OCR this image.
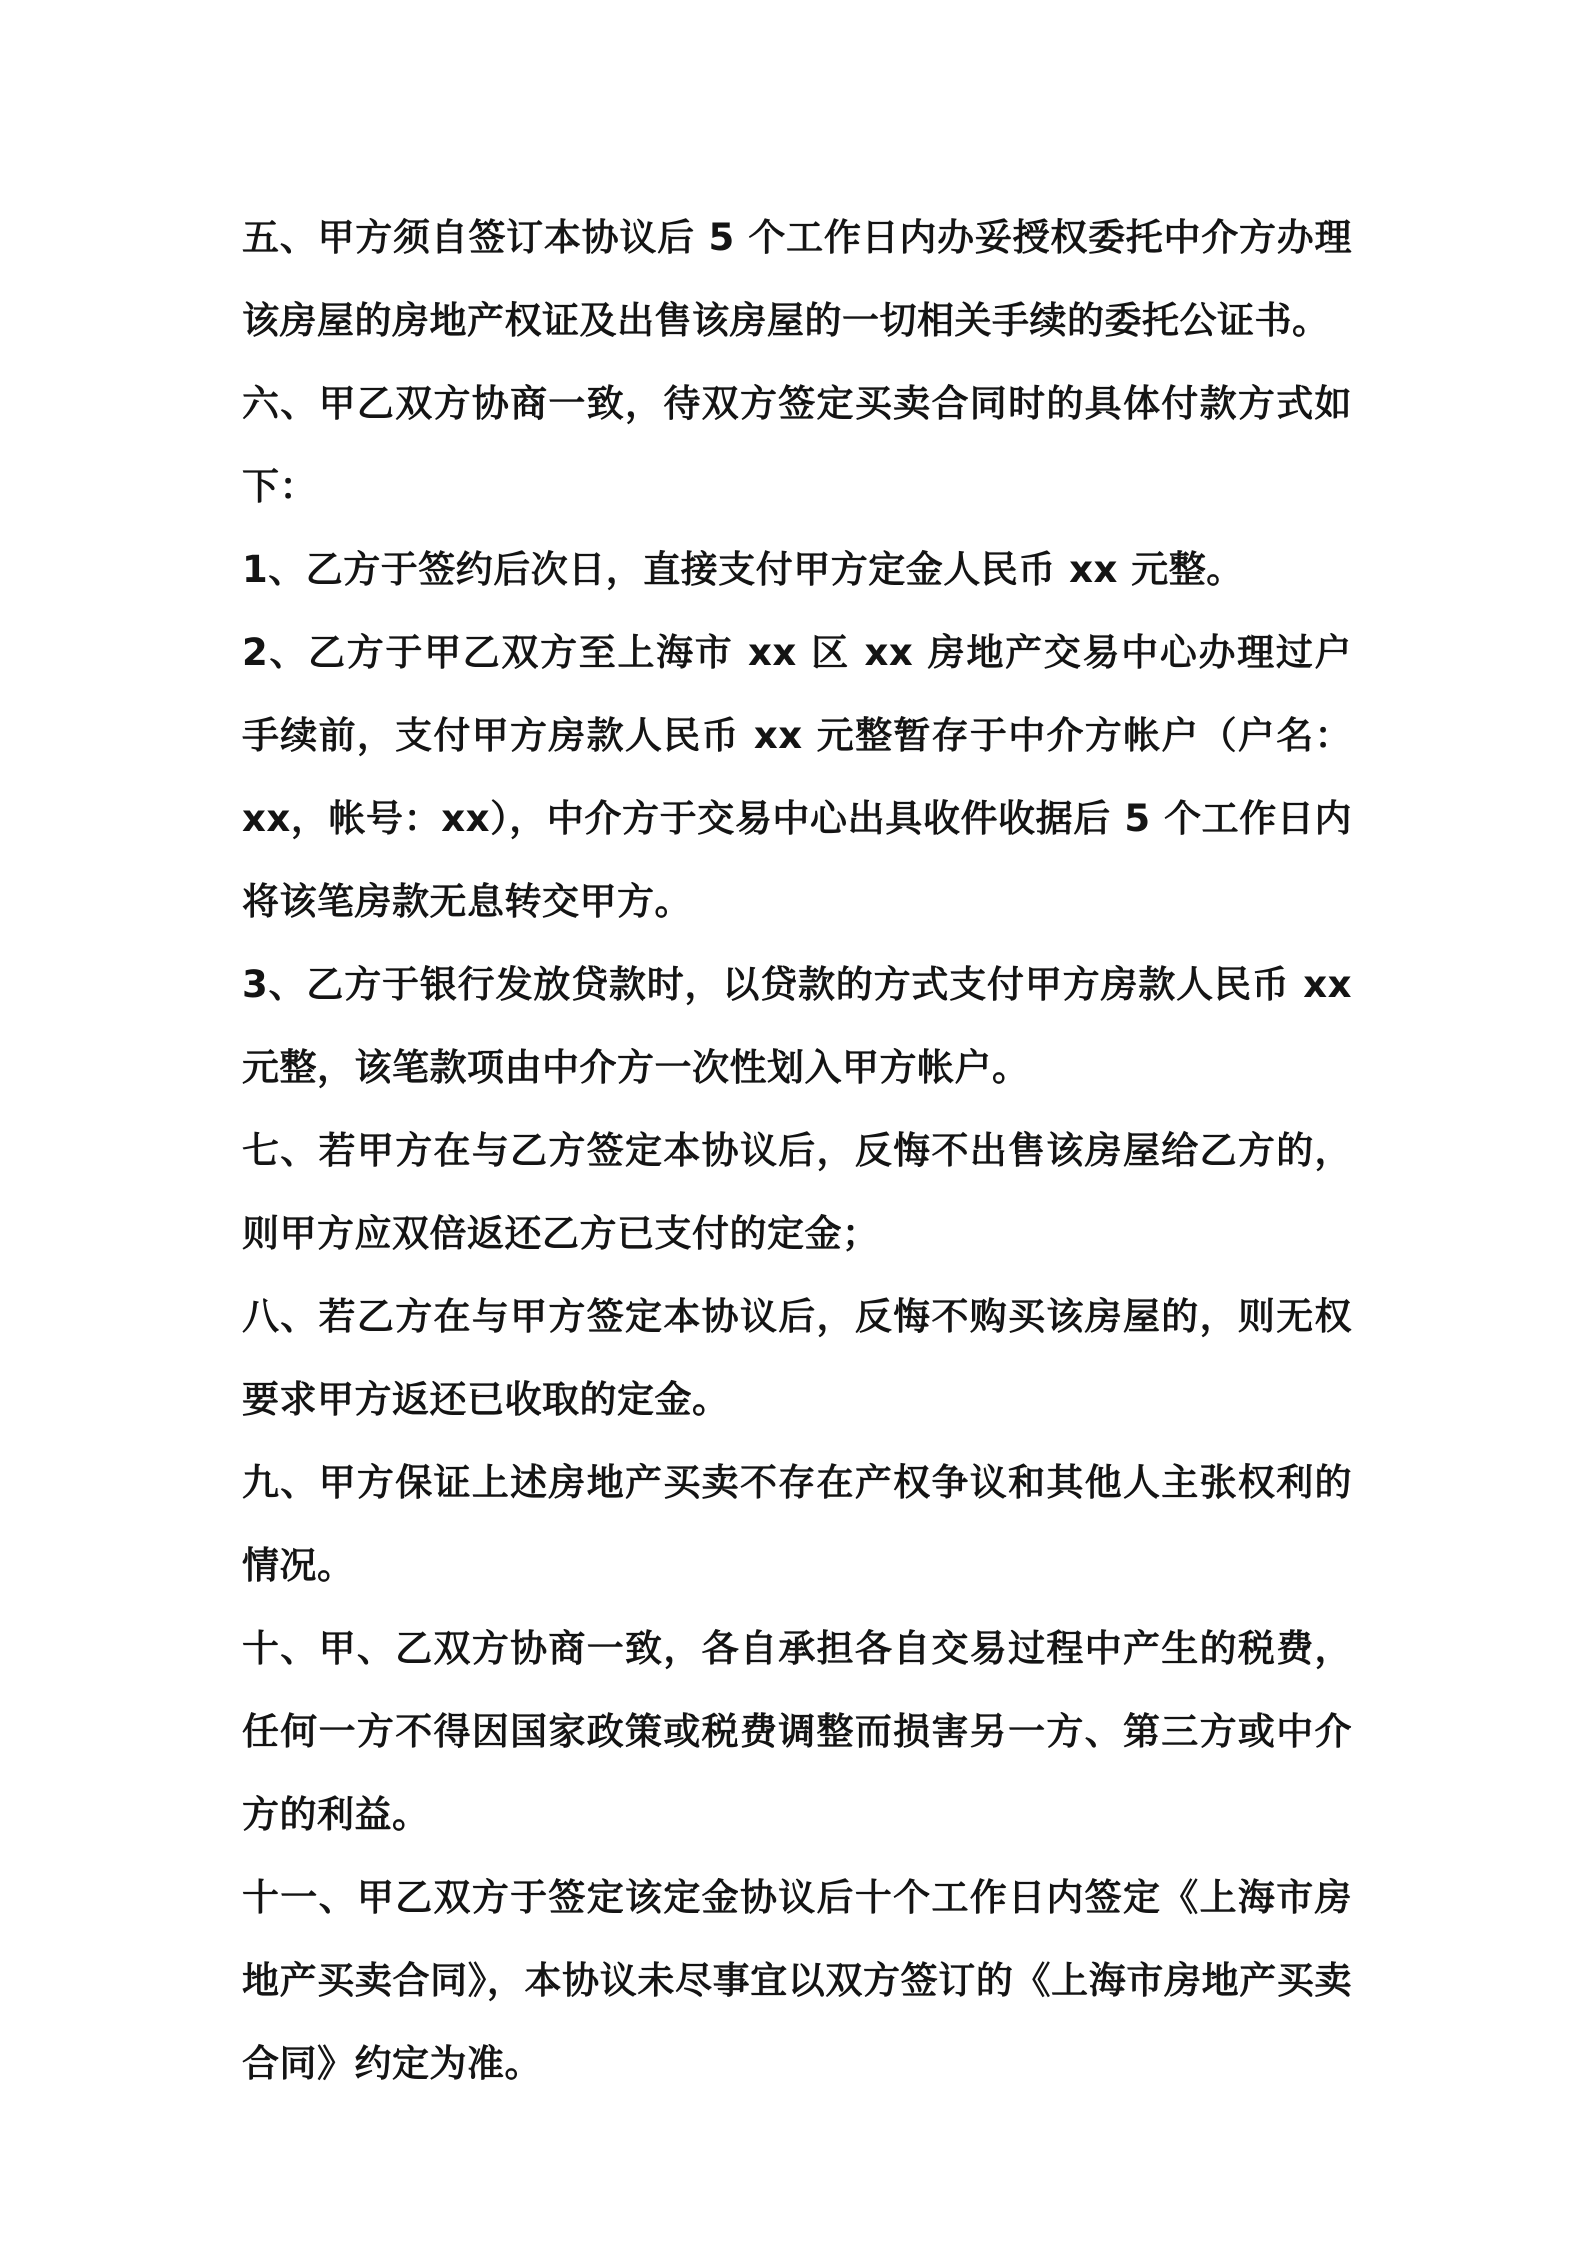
五、甲方须自签订本协议后 5 个工作日内办妥授权委托中介方办理该房屋的房地产权证及出售该房屋的一切相关手续的委托公证书。

六、甲乙双方协商一致，待双方签定买卖合同时的具体付款方式如下：

1、乙方于签约后次日，直接支付甲方定金人民币 xx 元整。

2、乙方于甲乙双方至上海市 xx 区 xx 房地产交易中心办理过户手续前，支付甲方房款人民币 xx 元整暂存于中介方帐户（户名：xx，帐号：xx），中介方于交易中心出具收件收据后 5 个工作日内将该笔房款无息转交甲方。

3、乙方于银行发放贷款时，以贷款的方式支付甲方房款人民币 xx 元整，该笔款项由中介方一次性划入甲方帐户。

七、若甲方在与乙方签定本协议后，反悔不出售该房屋给乙方的，则甲方应双倍返还乙方已支付的定金；

八、若乙方在与甲方签定本协议后，反悔不购买该房屋的，则无权要求甲方返还已收取的定金。

九、甲方保证上述房地产买卖不存在产权争议和其他人主张权利的情况。

十、甲、乙双方协商一致，各自承担各自交易过程中产生的税费，任何一方不得因国家政策或税费调整而损害另一方、第三方或中介方的利益。

十一、甲乙双方于签定该定金协议后十个工作日内签定《上海市房地产买卖合同》，本协议未尽事宜以双方签订的《上海市房地产买卖合同》约定为准。
